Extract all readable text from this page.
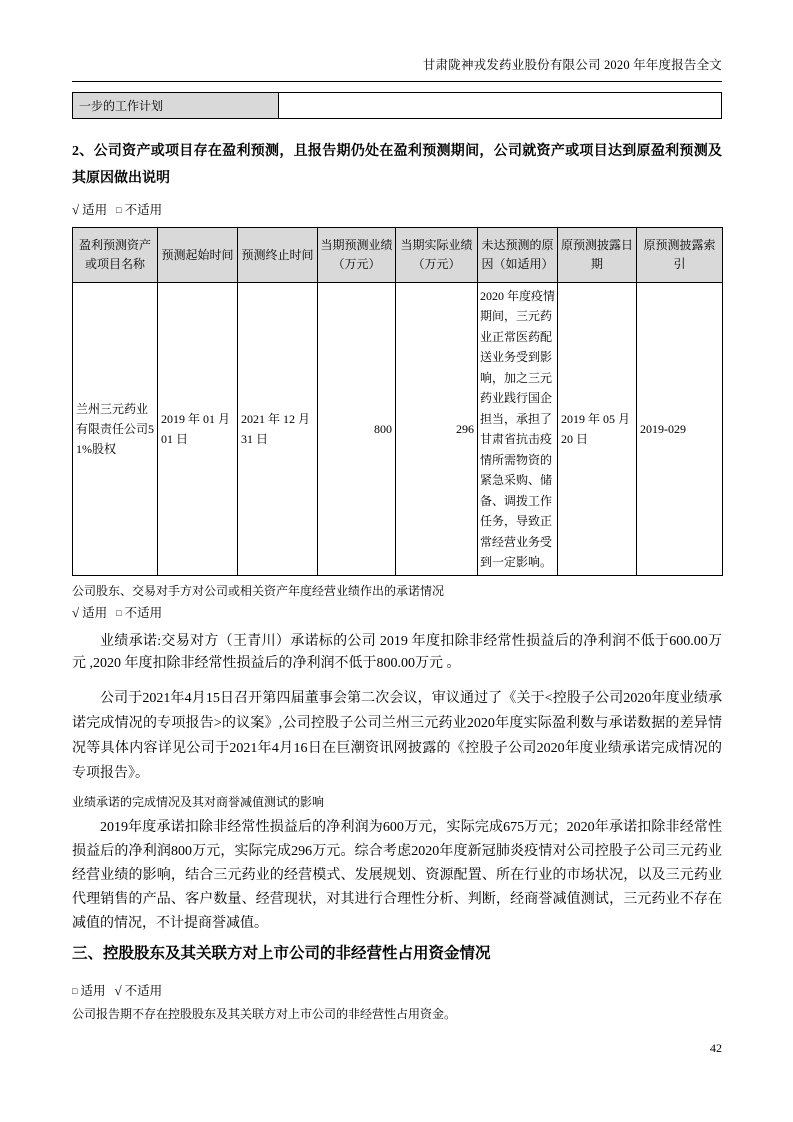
甘肃陇神戎发药业股份有限公司 2020 年年度报告全文
一步的工作计划	
2、公司资产或项目存在盈利预测，且报告期仍处在盈利预测期间，公司就资产或项目达到原盈利预测及其原因做出说明
√ 适用 □ 不适用
盈利预测资产或项目名称	预测起始时间	预测终止时间	当期预测业绩（万元）	当期实际业绩（万元）	未达预测的原因（如适用）	原预测披露日期	原预测披露索引
兰州三元药业有限责任公司51%股权	2019 年 01 月 01 日	2021 年 12 月 31 日	800	296	2020 年度疫情期间，三元药业正常医药配送业务受到影响，加之三元药业践行国企担当，承担了甘肃省抗击疫情所需物资的紧急采购、储备、调拨工作任务，导致正常经营业务受到一定影响。	2019 年 05 月 20 日	2019-029
公司股东、交易对手方对公司或相关资产年度经营业绩作出的承诺情况
√ 适用 □ 不适用
业绩承诺:交易对方（王青川）承诺标的公司 2019 年度扣除非经常性损益后的净利润不低于600.00万元 ,2020 年度扣除非经常性损益后的净利润不低于800.00万元 。
公司于2021年4月15日召开第四届董事会第二次会议，审议通过了《关于<控股子公司2020年度业绩承诺完成情况的专项报告>的议案》,公司控股子公司兰州三元药业2020年度实际盈利数与承诺数据的差异情况等具体内容详见公司于2021年4月16日在巨潮资讯网披露的《控股子公司2020年度业绩承诺完成情况的专项报告》。
业绩承诺的完成情况及其对商誉减值测试的影响
2019年度承诺扣除非经常性损益后的净利润为600万元，实际完成675万元；2020年承诺扣除非经常性损益后的净利润800万元，实际完成296万元。综合考虑2020年度新冠肺炎疫情对公司控股子公司三元药业经营业绩的影响，结合三元药业的经营模式、发展规划、资源配置、所在行业的市场状况，以及三元药业代理销售的产品、客户数量、经营现状，对其进行合理性分析、判断，经商誉减值测试，三元药业不存在减值的情况，不计提商誉减值。
三、控股股东及其关联方对上市公司的非经营性占用资金情况
□ 适用 √ 不适用
公司报告期不存在控股股东及其关联方对上市公司的非经营性占用资金。
42
